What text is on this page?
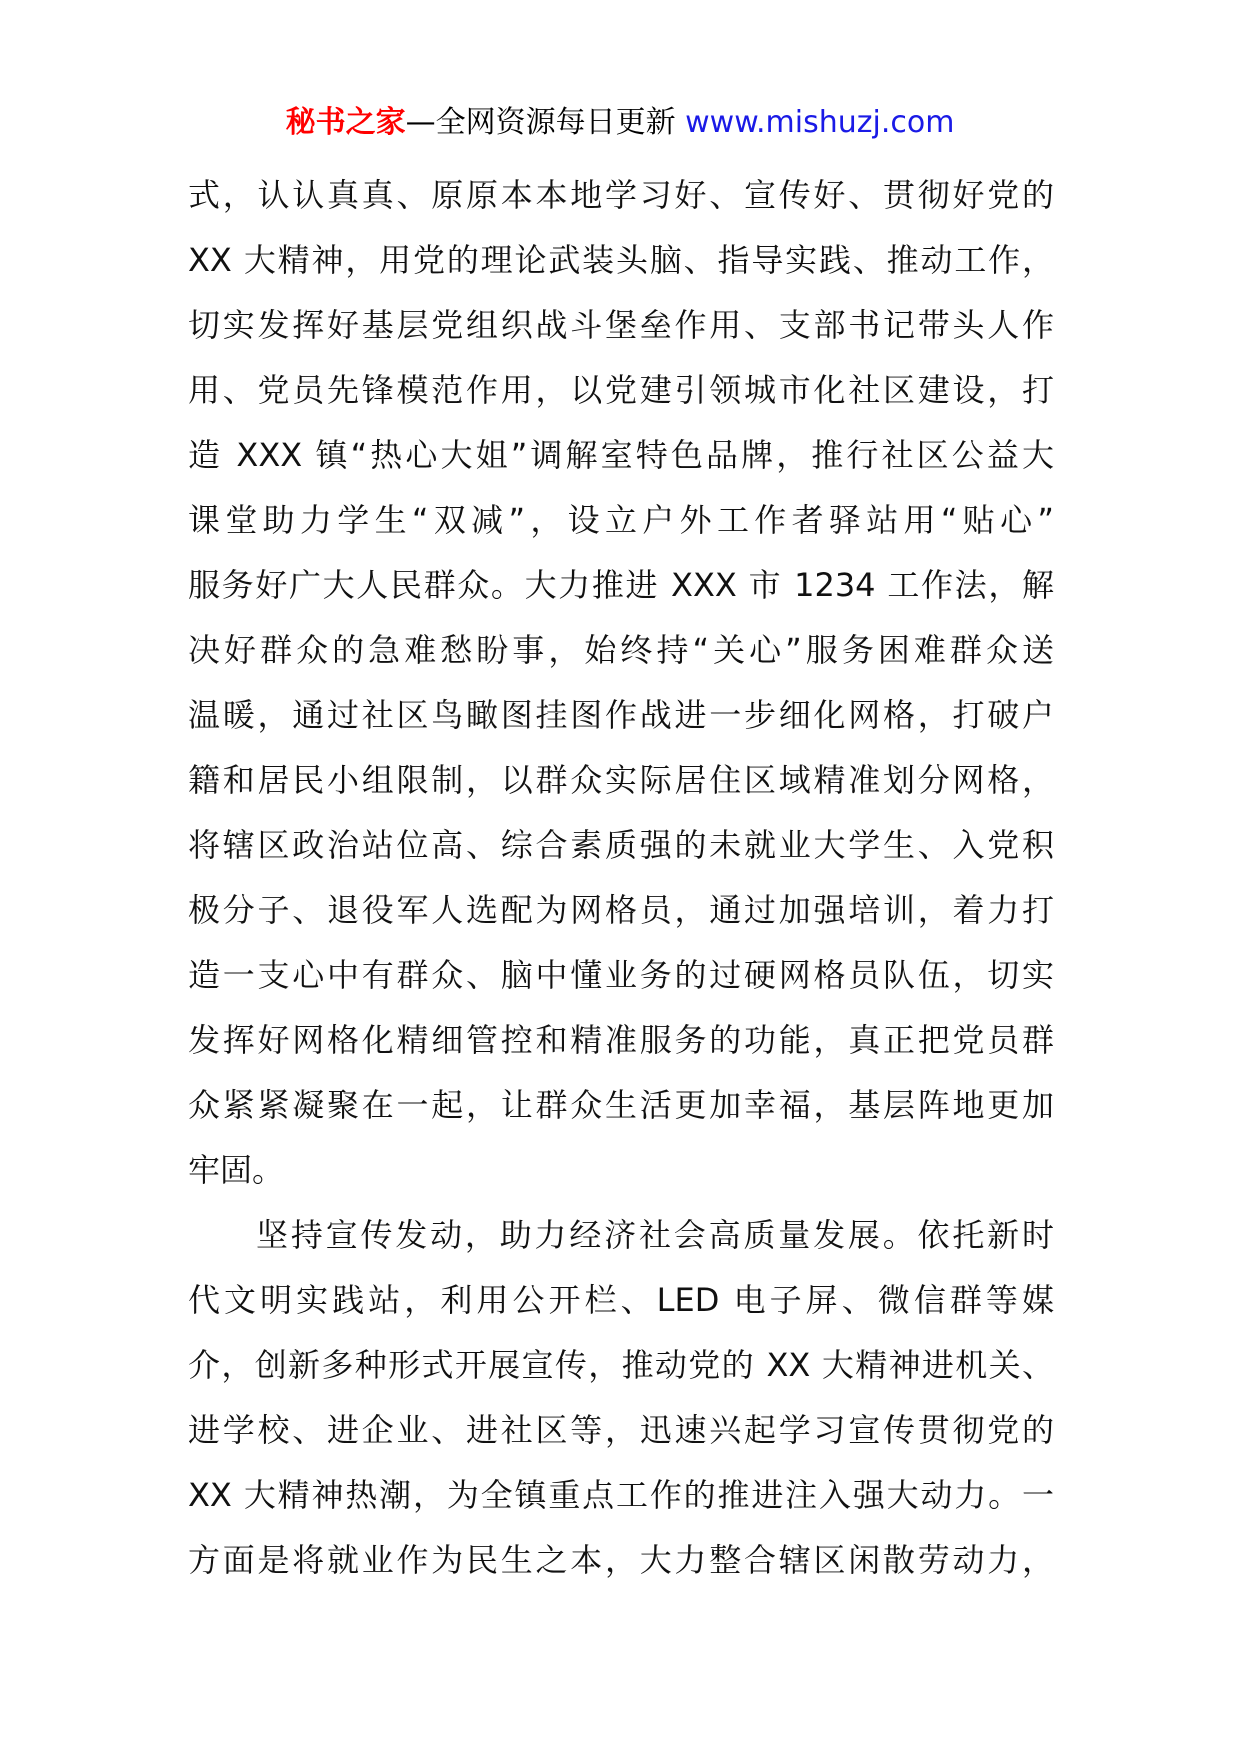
秘书之家—全网资源每日更新 www.mishuzj.com
式，认认真真、原原本本地学习好、宣传好、贯彻好党的
XX 大精神，用党的理论武装头脑、指导实践、推动工作，
切实发挥好基层党组织战斗堡垒作用、支部书记带头人作
用、党员先锋模范作用，以党建引领城市化社区建设，打
造 XXX 镇“热心大姐”调解室特色品牌，推行社区公益大
课堂助力学生“双减”，设立户外工作者驿站用“贴心”
服务好广大人民群众。大力推进 XXX 市 1234 工作法，解
决好群众的急难愁盼事，始终持“关心”服务困难群众送
温暖，通过社区鸟瞰图挂图作战进一步细化网格，打破户
籍和居民小组限制，以群众实际居住区域精准划分网格，
将辖区政治站位高、综合素质强的未就业大学生、入党积
极分子、退役军人选配为网格员，通过加强培训，着力打
造一支心中有群众、脑中懂业务的过硬网格员队伍，切实
发挥好网格化精细管控和精准服务的功能，真正把党员群
众紧紧凝聚在一起，让群众生活更加幸福，基层阵地更加
牢固。
坚持宣传发动，助力经济社会高质量发展。依托新时
代文明实践站，利用公开栏、LED 电子屏、微信群等媒
介，创新多种形式开展宣传，推动党的 XX 大精神进机关、
进学校、进企业、进社区等，迅速兴起学习宣传贯彻党的
XX 大精神热潮，为全镇重点工作的推进注入强大动力。一
方面是将就业作为民生之本，大力整合辖区闲散劳动力，
